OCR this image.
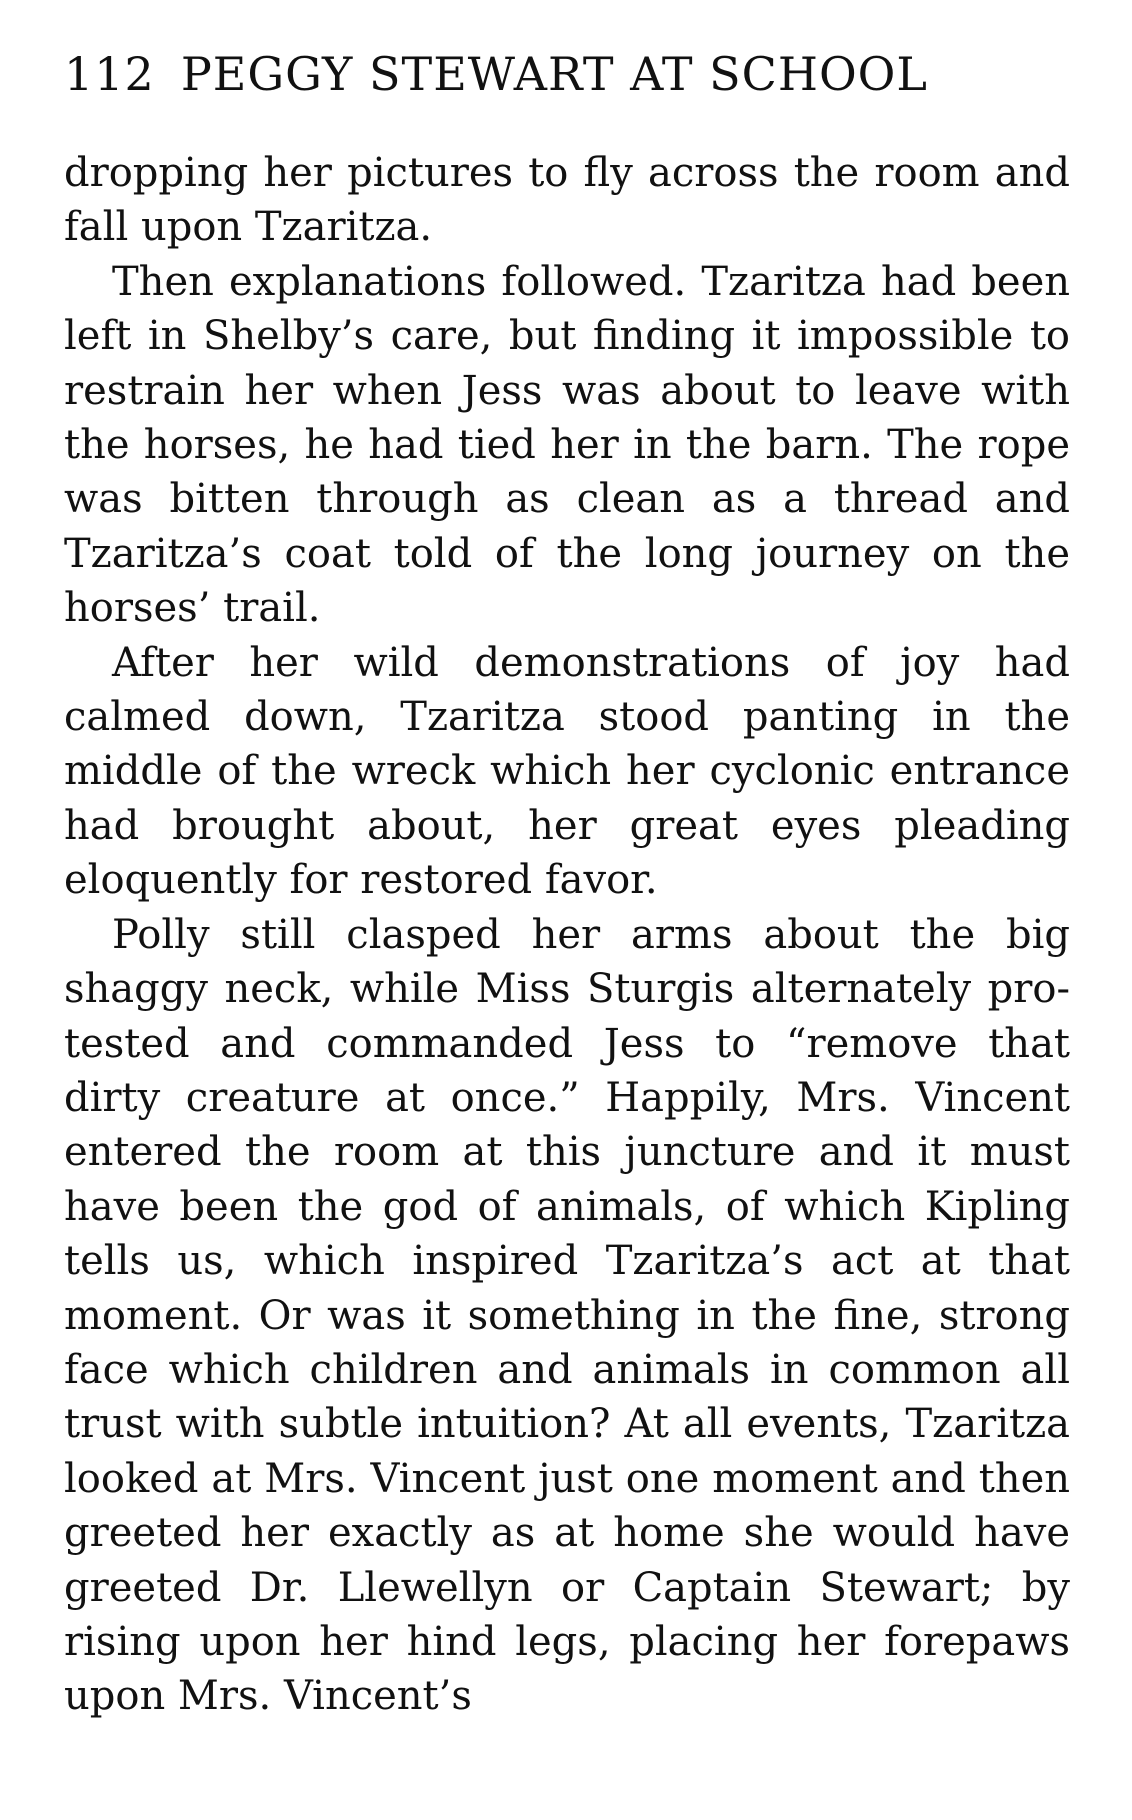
112 PEGGY STEWART AT SCHOOL

dropping her pictures to fly across the room and fall upon Tzaritza.

Then explanations followed. Tzaritza had been left in Shelby’s care, but finding it impossible to restrain her when Jess was about to leave with the horses, he had tied her in the barn. The rope was bitten through as clean as a thread and Tzaritza’s coat told of the long journey on the horses’ trail.

After her wild demonstrations of joy had calmed down, Tzaritza stood panting in the middle of the wreck which her cyclonic entrance had brought about, her great eyes pleading eloquently for restored favor.

Polly still clasped her arms about the big shaggy neck, while Miss Sturgis alternately protested and commanded Jess to “remove that dirty creature at once.” Happily, Mrs. Vincent entered the room at this juncture and it must have been the god of animals, of which Kipling tells us, which inspired Tzaritza’s act at that moment. Or was it something in the fine, strong face which children and animals in common all trust with subtle intuition? At all events, Tzaritza looked at Mrs. Vincent just one moment and then greeted her exactly as at home she would have greeted Dr. Llewellyn or Captain Stewart; by rising upon her hind legs, placing her forepaws upon Mrs. Vincent’s
